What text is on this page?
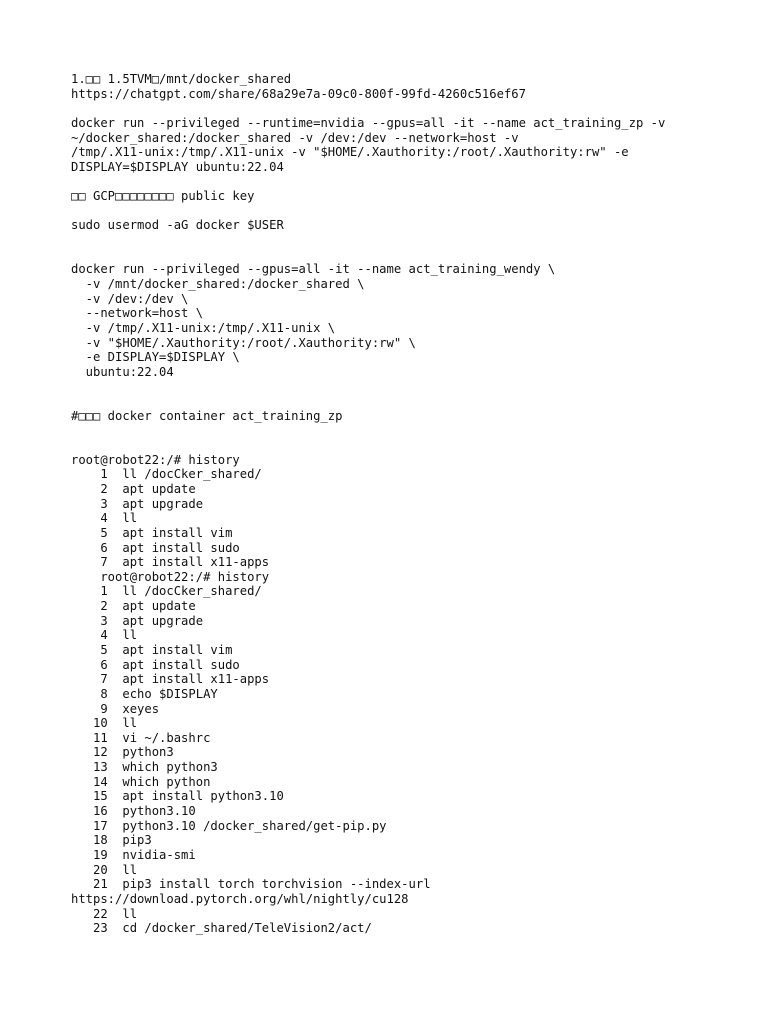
1.□□ 1.5TVM□/mnt/docker_shared
https://chatgpt.com/share/68a29e7a-09c0-800f-99fd-4260c516ef67
docker run --privileged --runtime=nvidia --gpus=all -it --name act_training_zp -v
~/docker_shared:/docker_shared -v /dev:/dev --network=host -v
/tmp/.X11-unix:/tmp/.X11-unix -v "$HOME/.Xauthority:/root/.Xauthority:rw" -e
DISPLAY=$DISPLAY ubuntu:22.04
□□ GCP□□□□□□□□ public key
sudo usermod -aG docker $USER
docker run --privileged --gpus=all -it --name act_training_wendy \
-v /mnt/docker_shared:/docker_shared \
-v /dev:/dev \
--network=host \
-v /tmp/.X11-unix:/tmp/.X11-unix \
-v "$HOME/.Xauthority:/root/.Xauthority:rw" \
-e DISPLAY=$DISPLAY \
ubuntu:22.04
#□□□ docker container act_training_zp
root@robot22:/# history
1  ll /docCker_shared/
2  apt update
3  apt upgrade
4  ll
5  apt install vim
6  apt install sudo
7  apt install x11-apps
root@robot22:/# history
1  ll /docCker_shared/
2  apt update
3  apt upgrade
4  ll
5  apt install vim
6  apt install sudo
7  apt install x11-apps
8  echo $DISPLAY
9  xeyes
10  ll
11  vi ~/.bashrc
12  python3
13  which python3
14  which python
15  apt install python3.10
16  python3.10
17  python3.10 /docker_shared/get-pip.py
18  pip3
19  nvidia-smi
20  ll
21  pip3 install torch torchvision --index-url
https://download.pytorch.org/whl/nightly/cu128
22  ll
23  cd /docker_shared/TeleVision2/act/
